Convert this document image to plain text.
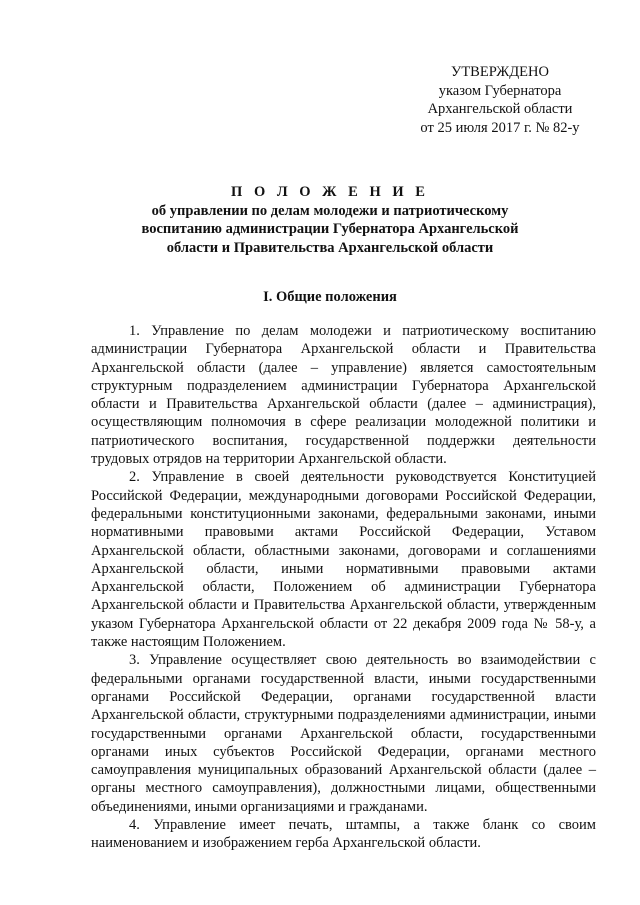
УТВЕРЖДЕНО
указом Губернатора
Архангельской области
от 25 июля 2017 г. № 82-у
П О Л О Ж Е Н И Е
об управлении по делам молодежи и патриотическому
воспитанию администрации Губернатора Архангельской
области и Правительства Архангельской области
I. Общие положения

1. Управление по делам молодежи и патриотическому воспитанию администрации Губернатора Архангельской области и Правительства Архангельской области (далее – управление) является самостоятельным структурным подразделением администрации Губернатора Архангельской области и Правительства Архангельской области (далее – администрация), осуществляющим полномочия в сфере реализации молодежной политики и патриотического воспитания, государственной поддержки деятельности трудовых отрядов на территории Архангельской области.

2. Управление в своей деятельности руководствуется Конституцией Российской Федерации, международными договорами Российской Федерации, федеральными конституционными законами, федеральными законами, иными нормативными правовыми актами Российской Федерации, Уставом Архангельской области, областными законами, договорами и соглашениями Архангельской области, иными нормативными правовыми актами Архангельской области, Положением об администрации Губернатора Архангельской области и Правительства Архангельской области, утвержденным указом Губернатора Архангельской области от 22 декабря 2009 года № 58-у, а также настоящим Положением.

3. Управление осуществляет свою деятельность во взаимодействии с федеральными органами государственной власти, иными государственными органами Российской Федерации, органами государственной власти Архангельской области, структурными подразделениями администрации, иными государственными органами Архангельской области, государственными органами иных субъектов Российской Федерации, органами местного самоуправления муниципальных образований Архангельской области (далее – органы местного самоуправления), должностными лицами, общественными объединениями, иными организациями и гражданами.

4. Управление имеет печать, штампы, а также бланк со своим наименованием и изображением герба Архангельской области.
